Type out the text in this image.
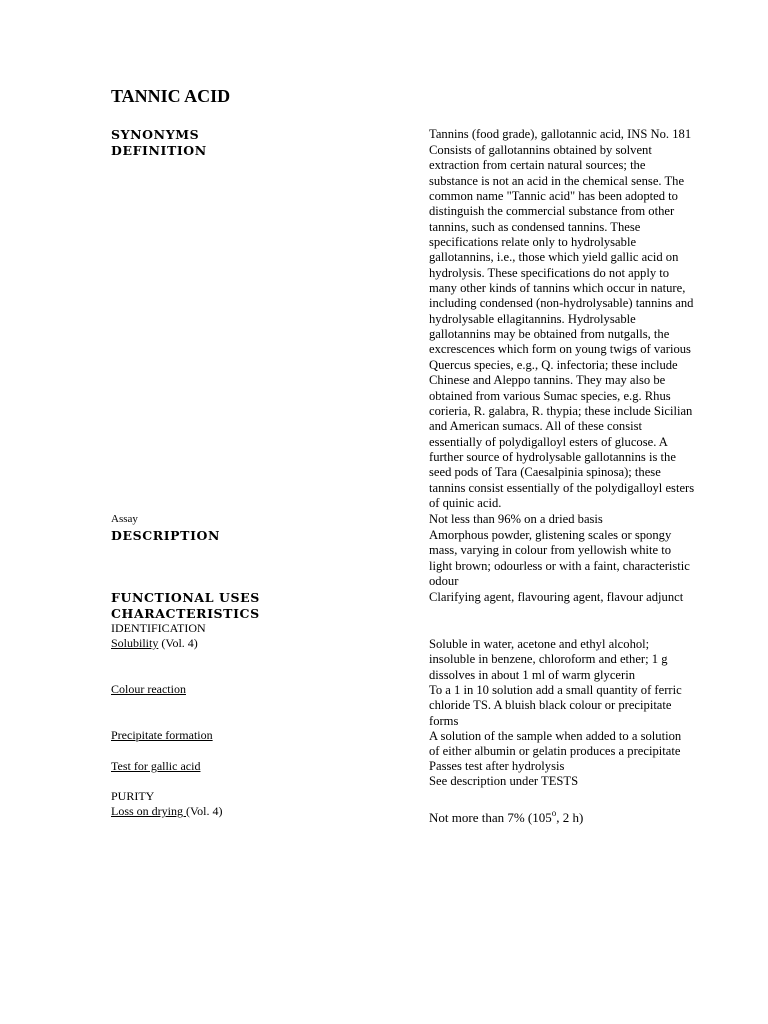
TANNIC ACID
SYNONYMS	Tannins (food grade), gallotannic acid, INS No. 181
DEFINITION	Consists of gallotannins obtained by solvent
extraction from certain natural sources; the
substance is not an acid in the chemical sense. The
common name "Tannic acid" has been adopted to
distinguish the commercial substance from other
tannins, such as condensed tannins. These
specifications relate only to hydrolysable
gallotannins, i.e., those which yield gallic acid on
hydrolysis. These specifications do not apply to
many other kinds of tannins which occur in nature,
including condensed (non-hydrolysable) tannins and
hydrolysable ellagitannins. Hydrolysable
gallotannins may be obtained from nutgalls, the
excrescences which form on young twigs of various
Quercus species, e.g., Q. infectoria; these include
Chinese and Aleppo tannins. They may also be
obtained from various Sumac species, e.g. Rhus
corieria, R. galabra, R. thypia; these include Sicilian
and American sumacs. All of these consist
essentially of polydigalloyl esters of glucose. A
further source of hydrolysable gallotannins is the
seed pods of Tara (Caesalpinia spinosa); these
tannins consist essentially of the polydigalloyl esters
of quinic acid.
Assay	Not less than 96% on a dried basis
DESCRIPTION	Amorphous powder, glistening scales or spongy
mass, varying in colour from yellowish white to
light brown; odourless or with a faint, characteristic
odour
FUNCTIONAL USES	Clarifying agent, flavouring agent, flavour adjunct
CHARACTERISTICS
IDENTIFICATION
Solubility (Vol. 4)	Soluble in water, acetone and ethyl alcohol;
insoluble in benzene, chloroform and ether; 1 g
dissolves in about 1 ml of warm glycerin
Colour reaction	To a 1 in 10 solution add a small quantity of ferric
chloride TS. A bluish black colour or precipitate
forms
Precipitate formation	A solution of the sample when added to a solution
of either albumin or gelatin produces a precipitate
Test for gallic acid	Passes test after hydrolysis
See description under TESTS
PURITY
Loss on drying (Vol. 4)	Not more than 7% (105$^o$, 2 h)
